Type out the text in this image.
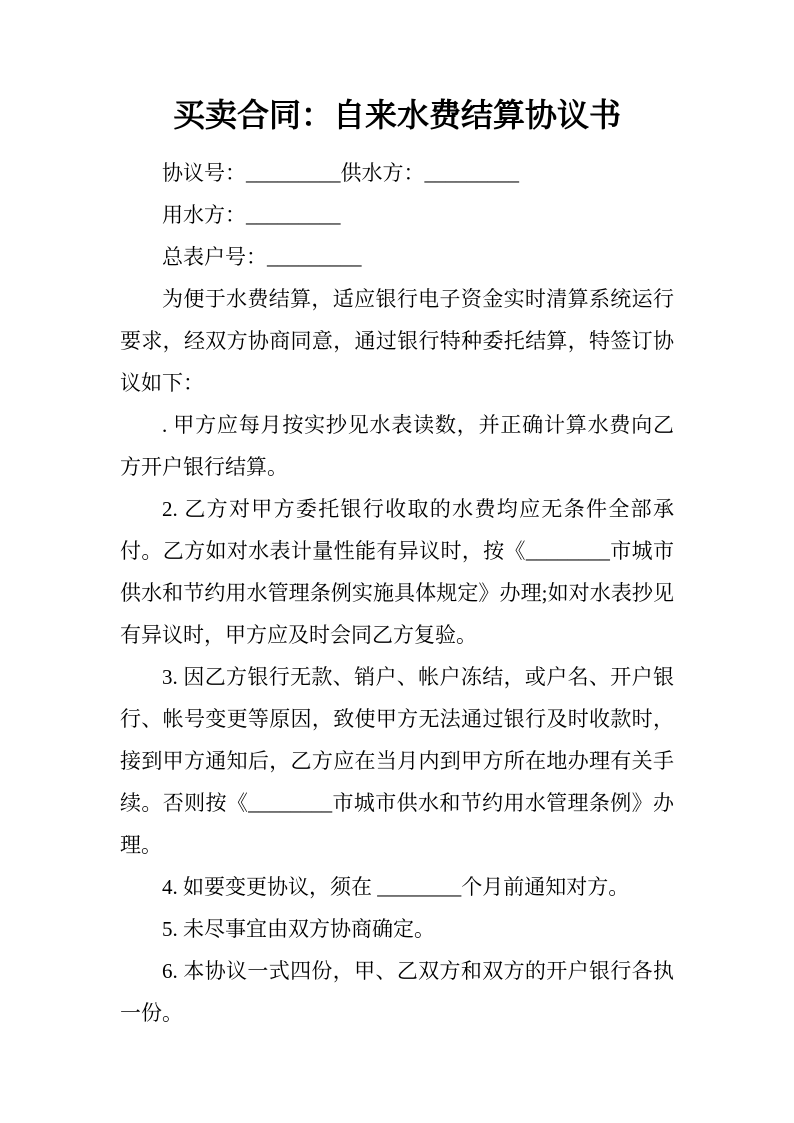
买卖合同：自来水费结算协议书

协议号：_________供水方：_________

用水方：_________

总表户号：_________

为便于水费结算，适应银行电子资金实时清算系统运行要求，经双方协商同意，通过银行特种委托结算，特签订协议如下：

. 甲方应每月按实抄见水表读数，并正确计算水费向乙方开户银行结算。

2. 乙方对甲方委托银行收取的水费均应无条件全部承付。乙方如对水表计量性能有异议时，按《________市城市供水和节约用水管理条例实施具体规定》办理;如对水表抄见有异议时，甲方应及时会同乙方复验。

3. 因乙方银行无款、销户、帐户冻结，或户名、开户银行、帐号变更等原因，致使甲方无法通过银行及时收款时，接到甲方通知后，乙方应在当月内到甲方所在地办理有关手续。否则按《________市城市供水和节约用水管理条例》办理。

4. 如要变更协议，须在 ________个月前通知对方。

5. 未尽事宜由双方协商确定。

6. 本协议一式四份，甲、乙双方和双方的开户银行各执一份。
